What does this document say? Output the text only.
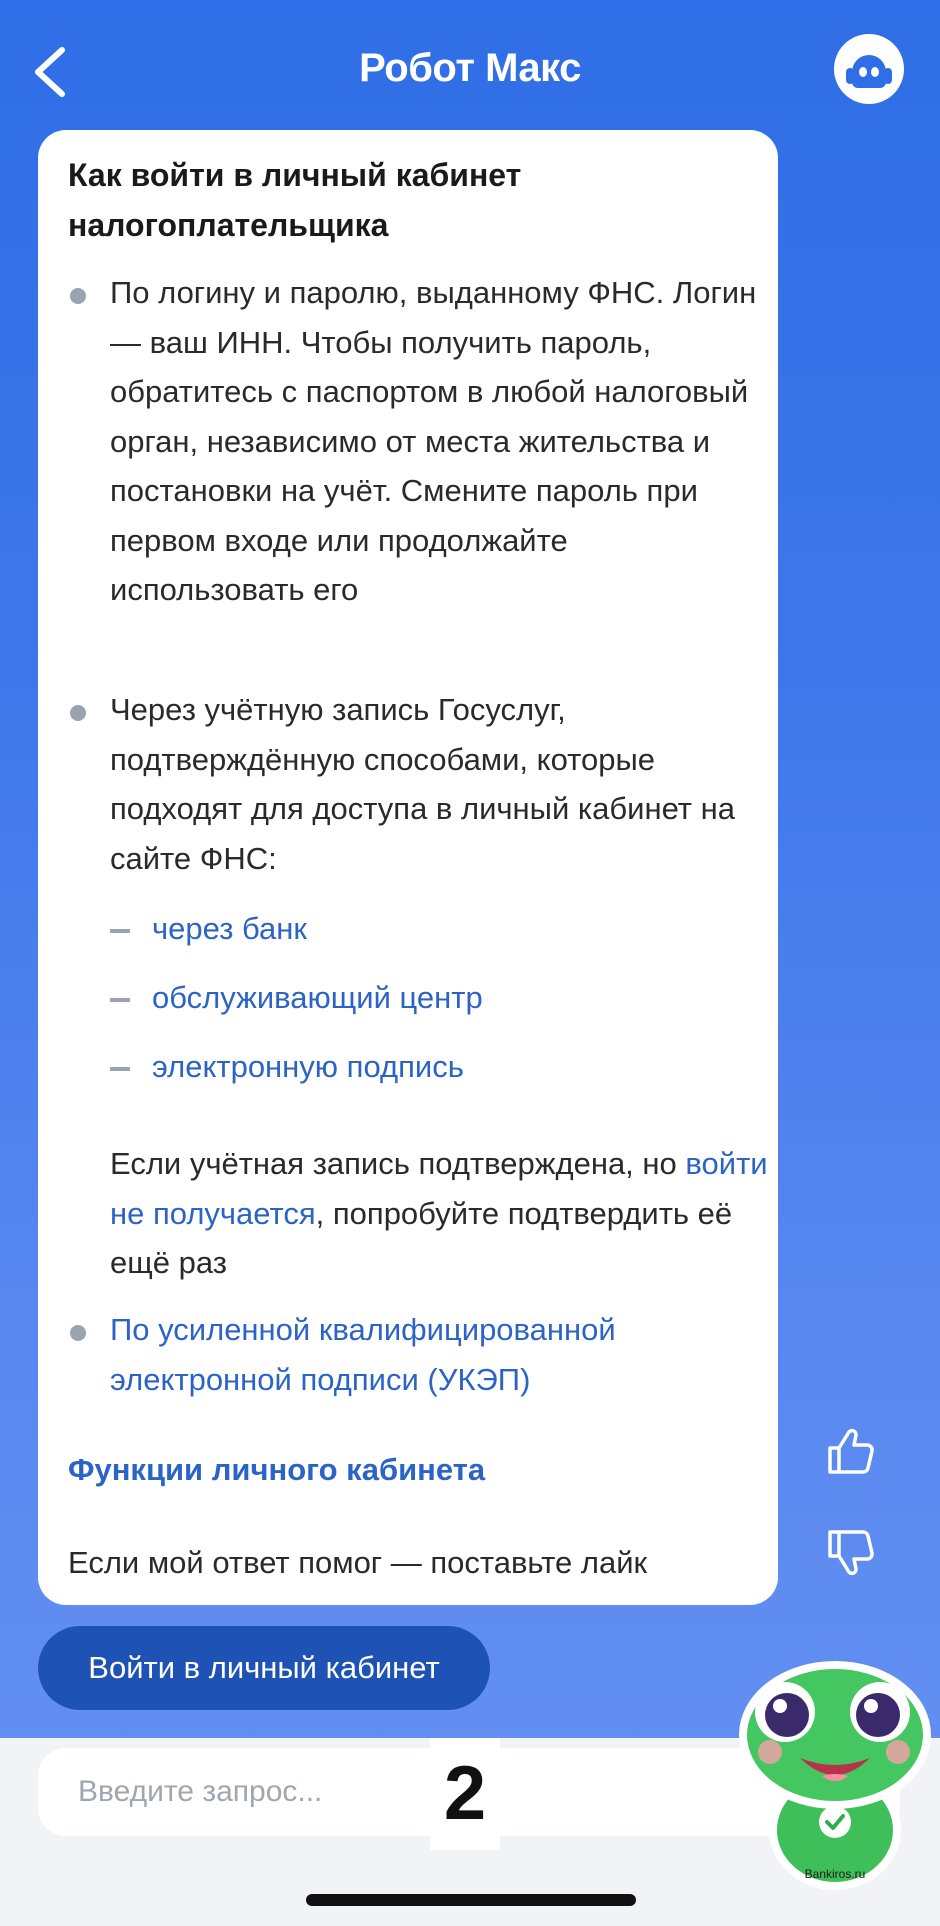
Робот Макс
Как войти в личный кабинет налогоплательщика
По логину и паролю, выданному ФНС. Логин — ваш ИНН. Чтобы получить пароль, обратитесь с паспортом в любой налоговый орган, независимо от места жительства и постановки на учёт. Смените пароль при первом входе или продолжайте использовать его
Через учётную запись Госуслуг, подтверждённую способами, которые подходят для доступа в личный кабинет на сайте ФНС:
через банк
обслуживающий центр
электронную подпись
Если учётная запись подтверждена, но войти не получается, попробуйте подтвердить её ещё раз
По усиленной квалифицированной электронной подписи (УКЭП)
Функции личного кабинета
Если мой ответ помог — поставьте лайк
Войти в личный кабинет
Введите запрос... 2
Bankiros.ru
